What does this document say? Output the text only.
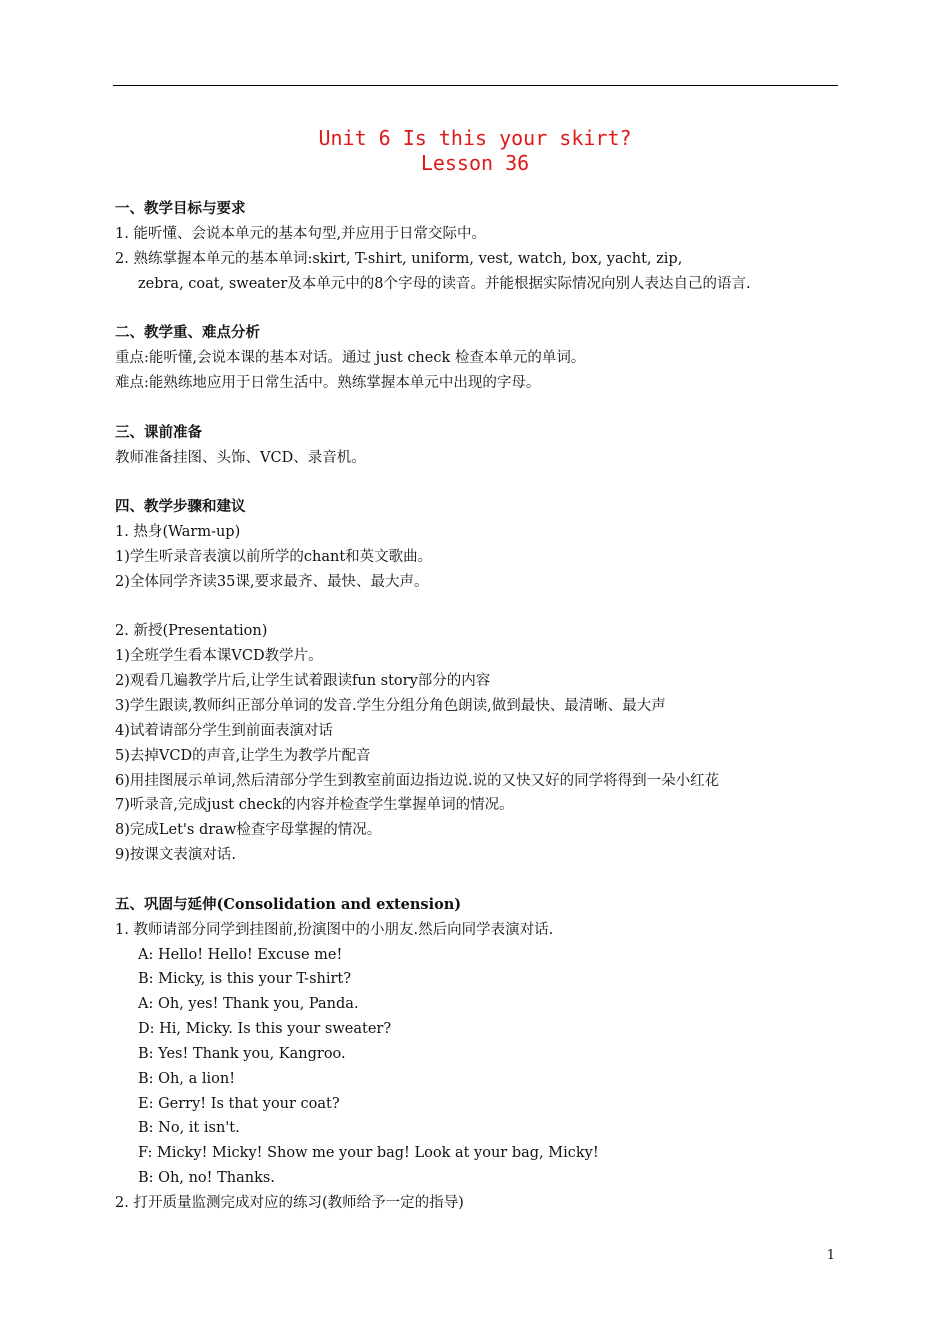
Unit 6 Is this your skirt?
Lesson 36
一、教学目标与要求
1. 能听懂、会说本单元的基本句型,并应用于日常交际中。
2. 熟练掌握本单元的基本单词:skirt, T-shirt, uniform, vest, watch, box, yacht, zip,
zebra, coat, sweater及本单元中的8个字母的读音。并能根据实际情况向别人表达自己的语言.
二、教学重、难点分析
重点:能听懂,会说本课的基本对话。通过 just check 检查本单元的单词。
难点:能熟练地应用于日常生活中。熟练掌握本单元中出现的字母。
三、课前准备
教师准备挂图、头饰、VCD、录音机。
四、教学步骤和建议
1. 热身(Warm-up)
1)学生听录音表演以前所学的chant和英文歌曲。
2)全体同学齐读35课,要求最齐、最快、最大声。
2. 新授(Presentation)
1)全班学生看本课VCD教学片。
2)观看几遍教学片后,让学生试着跟读fun story部分的内容
3)学生跟读,教师纠正部分单词的发音.学生分组分角色朗读,做到最快、最清晰、最大声
4)试着请部分学生到前面表演对话
5)去掉VCD的声音,让学生为教学片配音
6)用挂图展示单词,然后清部分学生到教室前面边指边说.说的又快又好的同学将得到一朵小红花
7)听录音,完成just check的内容并检查学生掌握单词的情况。
8)完成Let's draw检查字母掌握的情况。
9)按课文表演对话.
五、巩固与延伸(Consolidation and extension)
1. 教师请部分同学到挂图前,扮演图中的小朋友.然后向同学表演对话.
A: Hello! Hello! Excuse me!
B: Micky, is this your T-shirt?
A: Oh, yes! Thank you, Panda.
D: Hi, Micky. Is this your sweater?
B: Yes! Thank you, Kangroo.
B: Oh, a lion!
E: Gerry! Is that your coat?
B: No, it isn't.
F: Micky! Micky! Show me your bag! Look at your bag, Micky!
B: Oh, no! Thanks.
2. 打开质量监测完成对应的练习(教师给予一定的指导)
1
